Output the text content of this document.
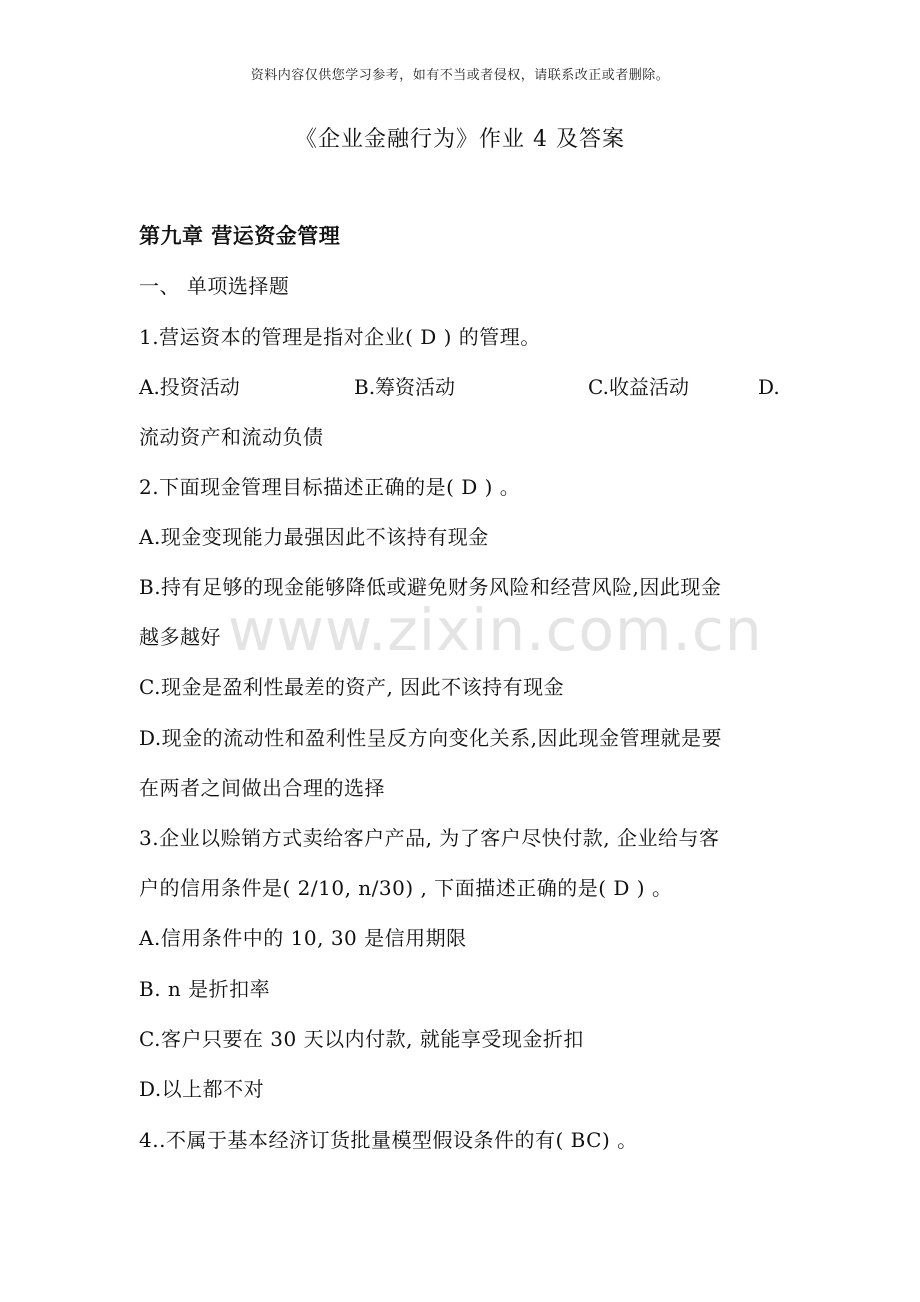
www.zixin.com.cn
资料内容仅供您学习参考，如有不当或者侵权，请联系改正或者删除。
《企业金融行为》作业 4 及答案
第九章 营运资金管理
一、 单项选择题
1.营运资本的管理是指对企业( D ) 的管理。
A.投资活动	B.筹资活动	C.收益活动	D.
流动资产和流动负债
2.下面现金管理目标描述正确的是( D ) 。
A.现金变现能力最强因此不该持有现金
B.持有足够的现金能够降低或避免财务风险和经营风险,因此现金
越多越好
C.现金是盈利性最差的资产, 因此不该持有现金
D.现金的流动性和盈利性呈反方向变化关系,因此现金管理就是要
在两者之间做出合理的选择
3.企业以赊销方式卖给客户产品, 为了客户尽快付款, 企业给与客
户的信用条件是( 2/10, n/30) , 下面描述正确的是( D ) 。
A.信用条件中的 10, 30 是信用期限
B. n 是折扣率
C.客户只要在 30 天以内付款, 就能享受现金折扣
D.以上都不对
4..不属于基本经济订货批量模型假设条件的有( BC) 。
